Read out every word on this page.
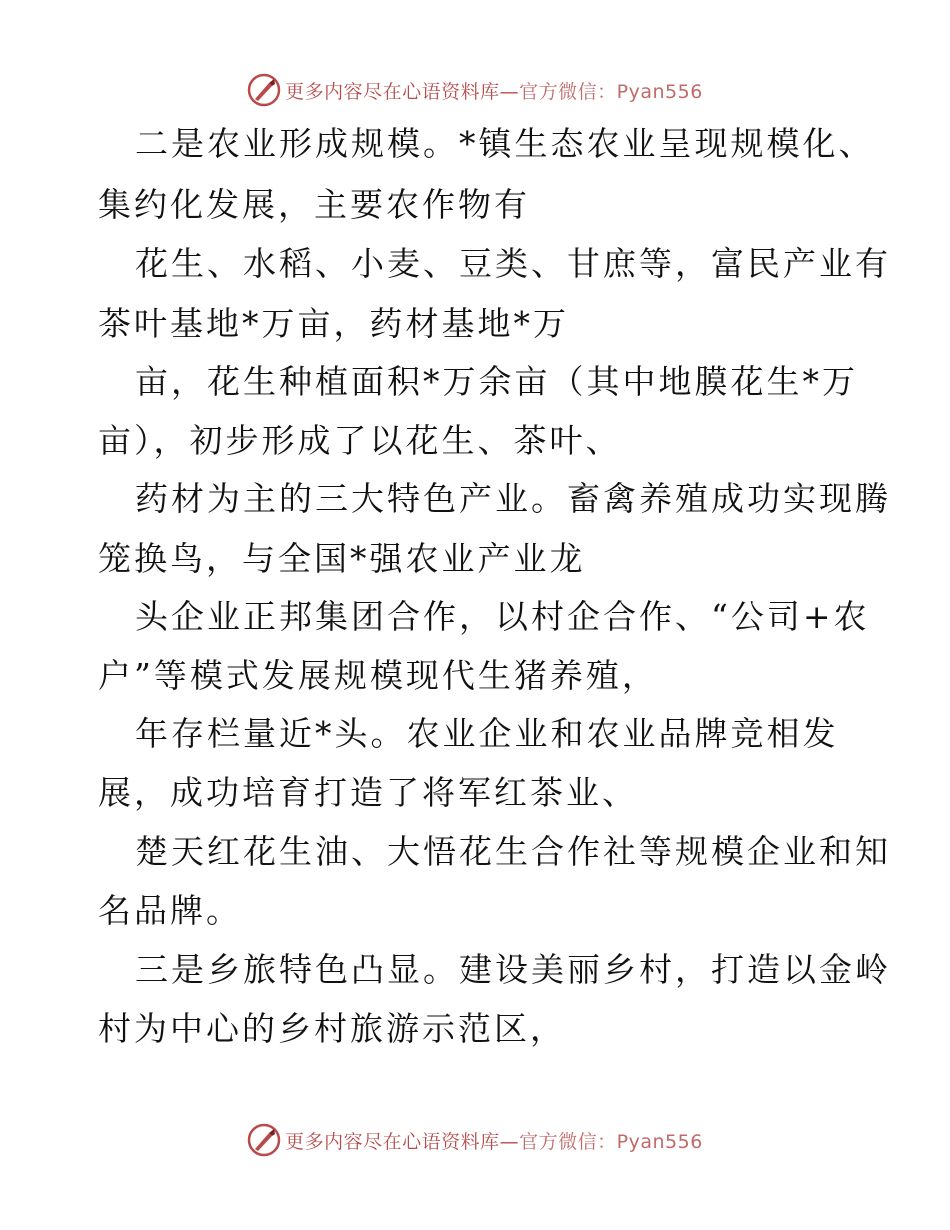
更多内容尽在心语资料库—官方微信：Pyan556
二是农业形成规模。*镇生态农业呈现规模化、
集约化发展，主要农作物有
花生、水稻、小麦、豆类、甘庶等，富民产业有
茶叶基地*万亩，药材基地*万
亩，花生种植面积*万余亩（其中地膜花生*万
亩），初步形成了以花生、茶叶、
药材为主的三大特色产业。畜禽养殖成功实现腾
笼换鸟，与全国*强农业产业龙
头企业正邦集团合作，以村企合作、“公司+农
户”等模式发展规模现代生猪养殖，
年存栏量近*头。农业企业和农业品牌竞相发
展，成功培育打造了将军红茶业、
楚天红花生油、大悟花生合作社等规模企业和知
名品牌。
三是乡旅特色凸显。建设美丽乡村，打造以金岭
村为中心的乡村旅游示范区，
更多内容尽在心语资料库—官方微信：Pyan556
